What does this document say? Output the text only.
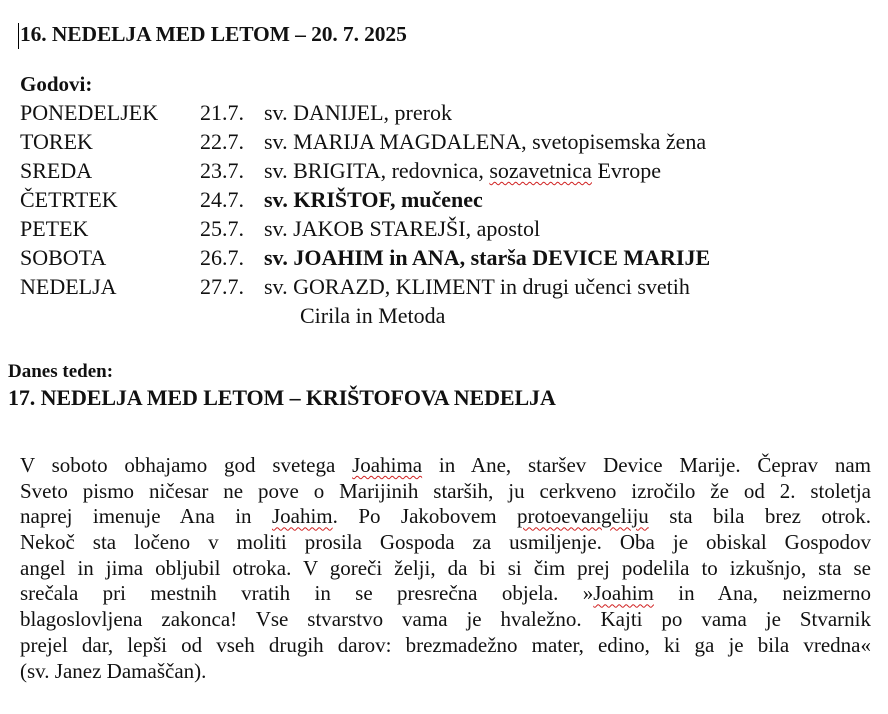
16. NEDELJA MED LETOM – 20. 7. 2025
Godovi:
PONEDELJEK 21.7. sv. DANIJEL, prerok
TOREK	22.7. sv. MARIJA MAGDALENA, svetopisemska žena
SREDA	23.7. sv. BRIGITA, redovnica, sozavetnica Evrope
ČETRTEK	24.7. sv. KRIŠTOF, mučenec
PETEK	25.7. sv. JAKOB STAREJŠI, apostol
SOBOTA	26.7. sv. JOAHIM in ANA, starša DEVICE MARIJE
NEDELJA	27.7. sv. GORAZD, KLIMENT in drugi učenci svetih
Cirila in Metoda
Danes teden:
17. NEDELJA MED LETOM – KRIŠTOFOVA NEDELJA
V soboto obhajamo god svetega Joahima in Ane, staršev Device Marije. Čeprav nam
Sveto pismo ničesar ne pove o Marijinih starših, ju cerkveno izročilo že od 2. stoletja
naprej imenuje Ana in Joahim. Po Jakobovem protoevangeliju sta bila brez otrok.
Nekoč sta ločeno v moliti prosila Gospoda za usmiljenje. Oba je obiskal Gospodov
angel in jima obljubil otroka. V goreči želji, da bi si čim prej podelila to izkušnjo, sta se
srečala pri mestnih vratih in se presrečna objela. »Joahim in Ana, neizmerno
blagoslovljena zakonca! Vse stvarstvo vama je hvaležno. Kajti po vama je Stvarnik
prejel dar, lepši od vseh drugih darov: brezmadežno mater, edino, ki ga je bila vredna«
(sv. Janez Damaščan).
